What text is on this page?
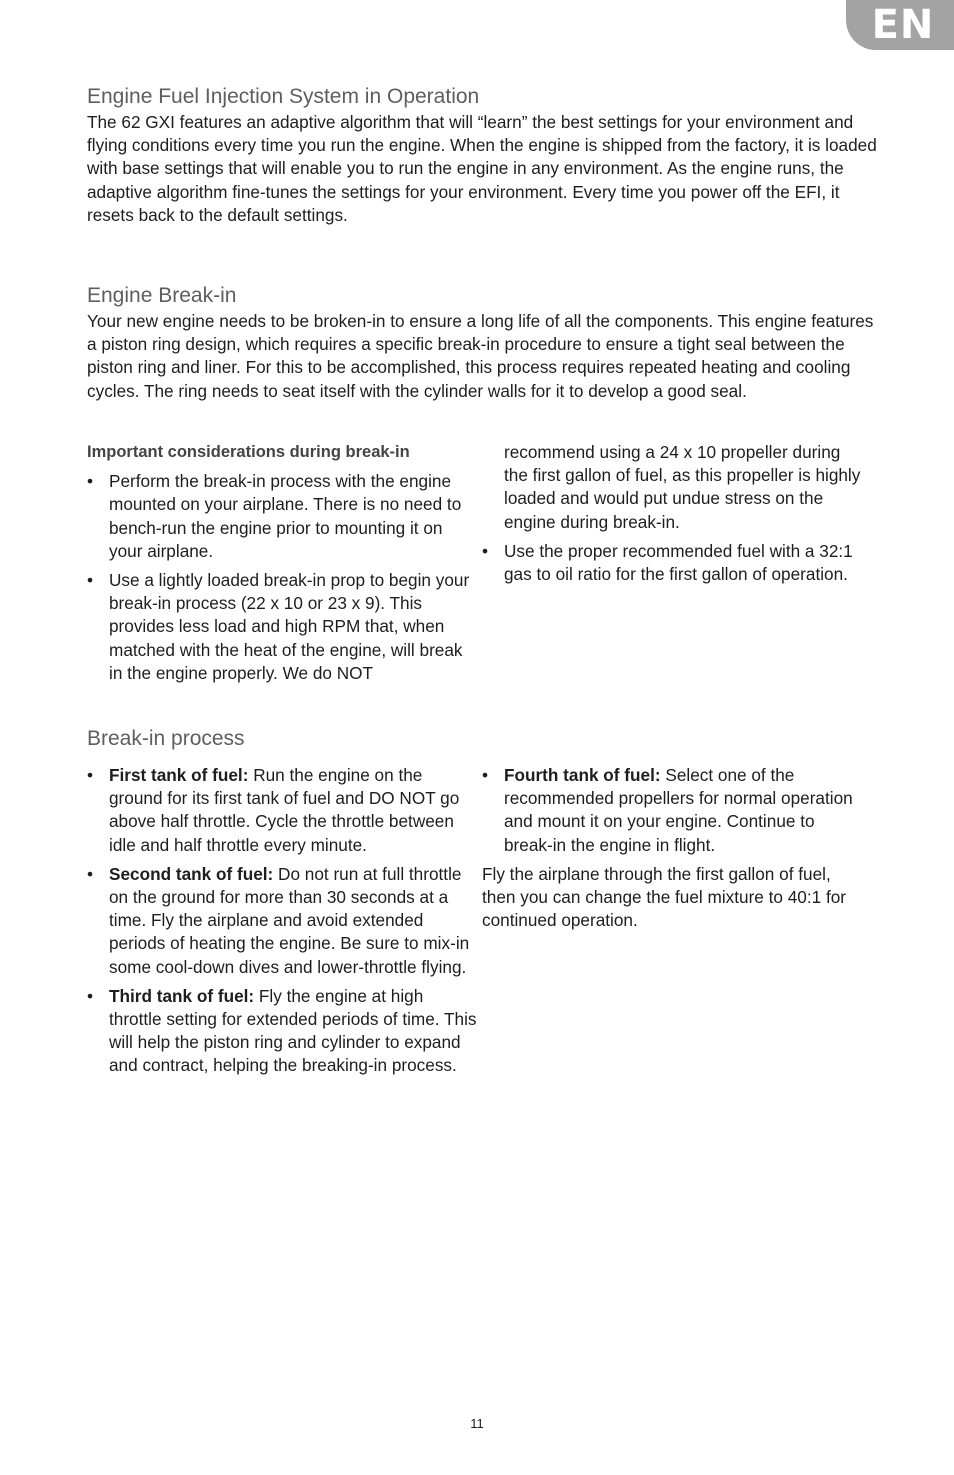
EN
Engine Fuel Injection System in Operation

The 62 GXI features an adaptive algorithm that will “learn” the best settings for your environment and flying conditions every time you run the engine. When the engine is shipped from the factory, it is loaded with base settings that will enable you to run the engine in any environment. As the engine runs, the adaptive algorithm fine-tunes the settings for your environment. Every time you power off the EFI, it resets back to the default settings.

Engine Break-in

Your new engine needs to be broken-in to ensure a long life of all the components. This engine features a piston ring design, which requires a specific break-in procedure to ensure a tight seal between the piston ring and liner. For this to be accomplished, this process requires repeated heating and cooling cycles. The ring needs to seat itself with the cylinder walls for it to develop a good seal.

Important considerations during break-in

• Perform the break-in process with the engine mounted on your airplane. There is no need to bench-run the engine prior to mounting it on your airplane.
• Use a lightly loaded break-in prop to begin your break-in process (22 x 10 or 23 x 9). This provides less load and high RPM that, when matched with the heat of the engine, will break in the engine properly. We do NOT

recommend using a 24 x 10 propeller during the first gallon of fuel, as this propeller is highly loaded and would put undue stress on the engine during break-in.

• Use the proper recommended fuel with a 32:1 gas to oil ratio for the first gallon of operation.
Break-in process
• First tank of fuel: Run the engine on the ground for its first tank of fuel and DO NOT go above half throttle. Cycle the throttle between idle and half throttle every minute.
• Second tank of fuel: Do not run at full throttle on the ground for more than 30 seconds at a time. Fly the airplane and avoid extended periods of heating the engine. Be sure to mix-in some cool-down dives and lower-throttle flying.
• Third tank of fuel: Fly the engine at high throttle setting for extended periods of time. This will help the piston ring and cylinder to expand and contract, helping the breaking-in process.
• Fourth tank of fuel: Select one of the recommended propellers for normal operation and mount it on your engine. Continue to break-in the engine in flight.

Fly the airplane through the first gallon of fuel, then you can change the fuel mixture to 40:1 for continued operation.

11
